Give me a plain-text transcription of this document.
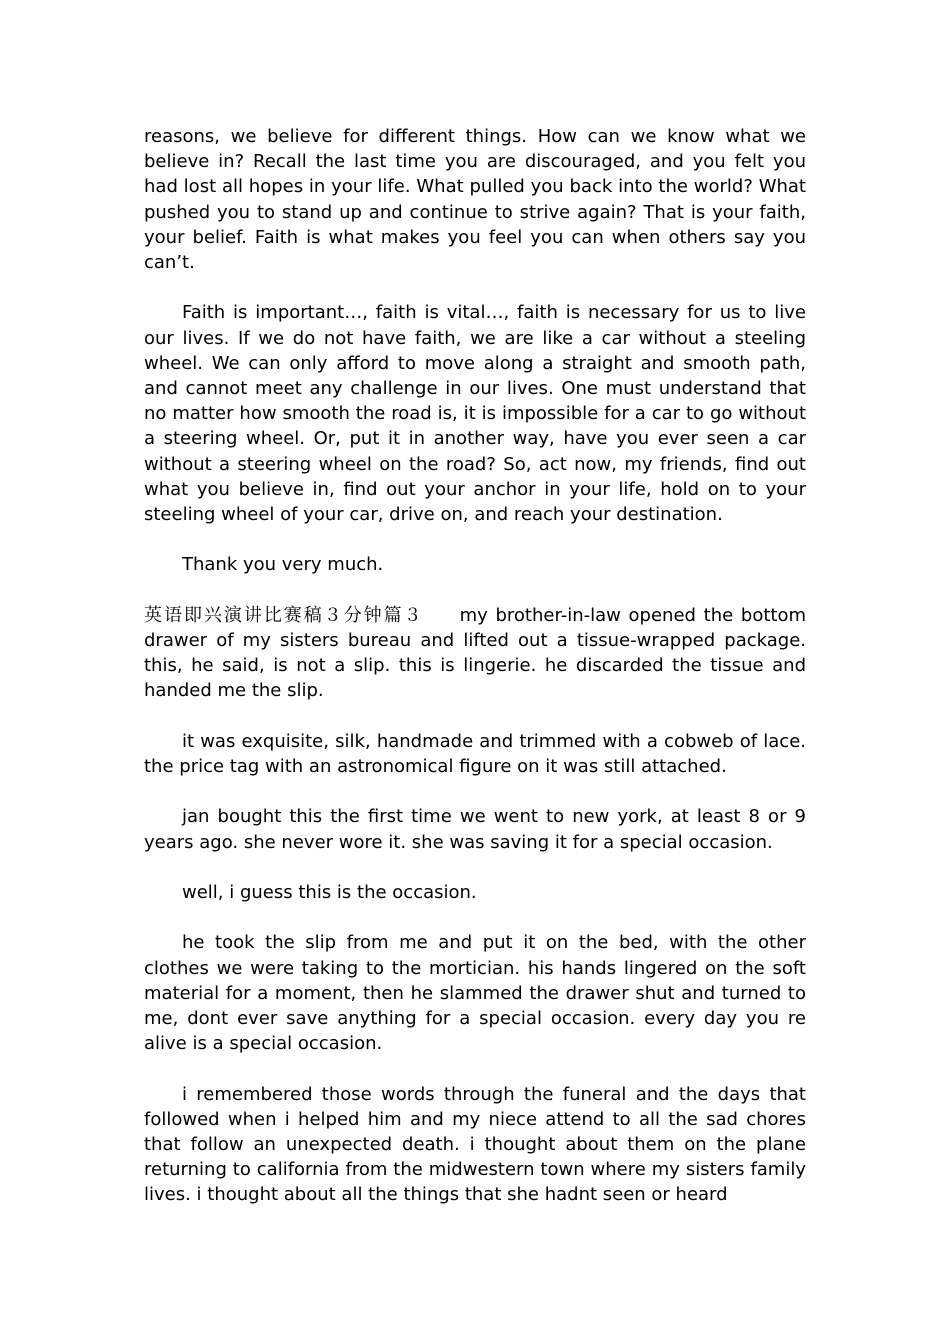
reasons, we believe for different things. How can we know what we believe in? Recall the last time you are discouraged, and you felt you had lost all hopes in your life. What pulled you back into the world? What pushed you to stand up and continue to strive again? That is your faith, your belief. Faith is what makes you feel you can when others say you can’t.

Faith is important…, faith is vital…, faith is necessary for us to live our lives. If we do not have faith, we are like a car without a steeling wheel. We can only afford to move along a straight and smooth path, and cannot meet any challenge in our lives. One must understand that no matter how smooth the road is, it is impossible for a car to go without a steering wheel. Or, put it in another way, have you ever seen a car without a steering wheel on the road? So, act now, my friends, find out what you believe in, find out your anchor in your life, hold on to your steeling wheel of your car, drive on, and reach your destination.

Thank you very much.

英语即兴演讲比赛稿３分钟篇３ my brother-in-law opened the bottom drawer of my sisters bureau and lifted out a tissue-wrapped package. this, he said, is not a slip. this is lingerie. he discarded the tissue and handed me the slip.

it was exquisite, silk, handmade and trimmed with a cobweb of lace. the price tag with an astronomical figure on it was still attached.

jan bought this the first time we went to new york, at least 8 or 9 years ago. she never wore it. she was saving it for a special occasion.

well, i guess this is the occasion.

he took the slip from me and put it on the bed, with the other clothes we were taking to the mortician. his hands lingered on the soft material for a moment, then he slammed the drawer shut and turned to me, dont ever save anything for a special occasion. every day you re alive is a special occasion.

i remembered those words through the funeral and the days that followed when i helped him and my niece attend to all the sad chores that follow an unexpected death. i thought about them on the plane returning to california from the midwestern town where my sisters family lives. i thought about all the things that she hadnt seen or heard
